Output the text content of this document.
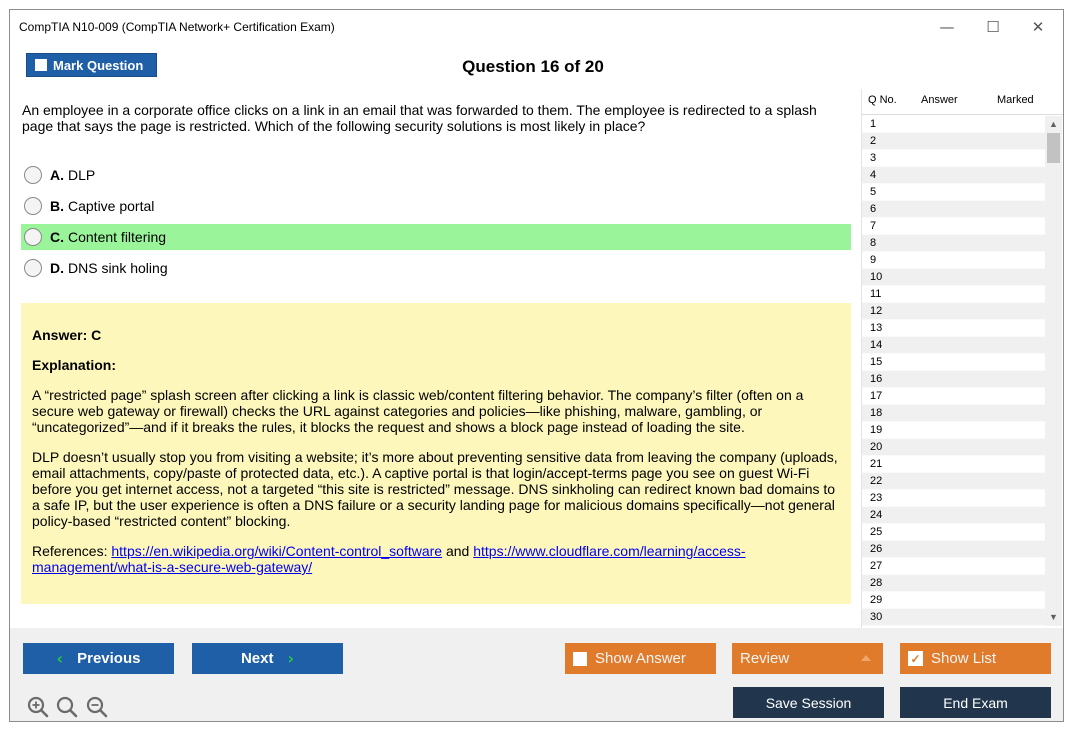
CompTIA N10-009 (CompTIA Network+ Certification Exam)	—	☐	✕
Mark Question	Question 16 of 20
An employee in a corporate office clicks on a link in an email that was forwarded to them. The employee is redirected to a splash page that says the page is restricted. Which of the following security solutions is most likely in place?
A. DLP
B. Captive portal
C. Content filtering
D. DNS sink holing
Answer: C
Explanation:

A “restricted page” splash screen after clicking a link is classic web/content filtering behavior. The company’s filter (often on a secure web gateway or firewall) checks the URL against categories and policies—like phishing, malware, gambling, or “uncategorized”—and if it breaks the rules, it blocks the request and shows a block page instead of loading the site.

DLP doesn’t usually stop you from visiting a website; it’s more about preventing sensitive data from leaving the company (uploads, email attachments, copy/paste of protected data, etc.). A captive portal is that login/accept-terms page you see on guest Wi-Fi before you get internet access, not a targeted “this site is restricted” message. DNS sinkholing can redirect known bad domains to a safe IP, but the user experience is often a DNS failure or a security landing page for malicious domains specifically—not general policy-based “restricted content” blocking.

References: https://en.wikipedia.org/wiki/Content-control_software and https://www.cloudflare.com/learning/access-management/what-is-a-secure-web-gateway/

Q No. Answer	Marked
1
2
3
4
5
6
7
8
9
10
11
12
13
14
15
16
17
18
19
20
21
22
23
24
25
26
27
28
29
30
▲
▼
‹ Previous	Next ›	Show Answer	Review	✓ Show List
Save Session	End Exam
